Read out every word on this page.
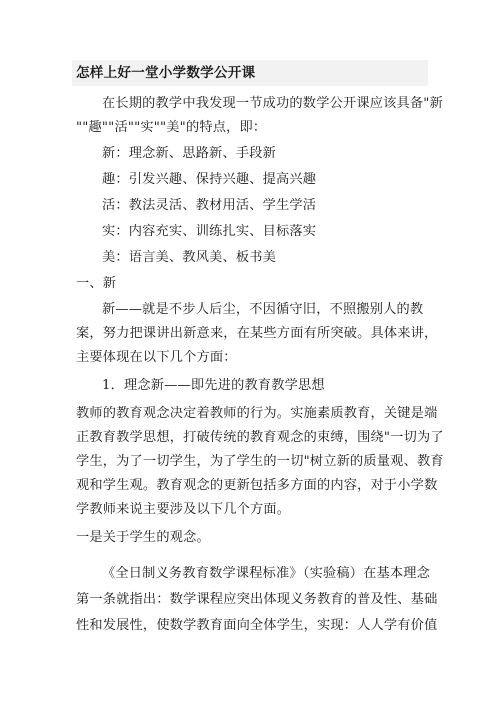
怎样上好一堂小学数学公开课
在长期的教学中我发现一节成功的数学公开课应该具备"新
""趣""活""实""美"的特点，即：
新：理念新、思路新、手段新
趣：引发兴趣、保持兴趣、提高兴趣
活：教法灵活、教材用活、学生学活
实：内容充实、训练扎实、目标落实
美：语言美、教风美、板书美
一、新
新——就是不步人后尘，不因循守旧，不照搬别人的教
案，努力把课讲出新意来，在某些方面有所突破。具体来讲，
主要体现在以下几个方面：
1．理念新——即先进的教育教学思想
教师的教育观念决定着教师的行为。实施素质教育，关键是端
正教育教学思想，打破传统的教育观念的束缚，围绕"一切为了
学生，为了一切学生，为了学生的一切"树立新的质量观、教育
观和学生观。教育观念的更新包括多方面的内容，对于小学数
学教师来说主要涉及以下几个方面。
一是关于学生的观念。
《全日制义务教育数学课程标准》（实验稿）在基本理念
第一条就指出：数学课程应突出体现义务教育的普及性、基础
性和发展性，使数学教育面向全体学生，实现：人人学有价值
